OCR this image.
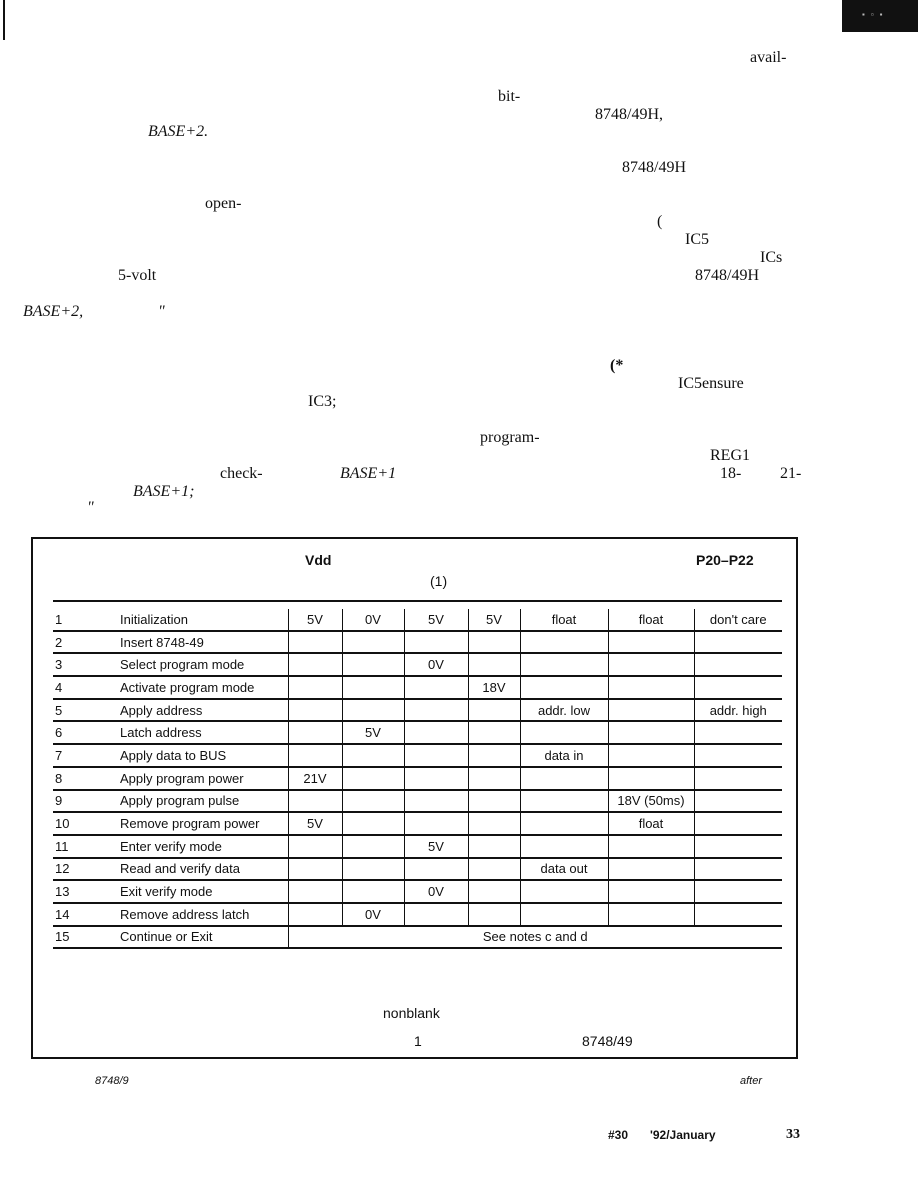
▪ ▫ ▪
avail-
bit-
8748/49H,
BASE+2.
8748/49H
open-
(
IC5
ICs
5-volt	8748/49H
BASE+2,	"
(*
IC5ensure
IC3;
program-
REG1
check-	BASE+1	18- 21-
BASE+1;
"
Vdd	P20–P22
(1)
1	Initialization	5V	0V	5V	5V	float	float	don't care
2	Insert 8748-49							
3	Select program mode			0V				
4	Activate program mode				18V			
5	Apply address					addr. low		addr. high
6	Latch address		5V					
7	Apply data to BUS					data in		
8	Apply program power	21V						
9	Apply program pulse						18V (50ms)	
10	Remove program power	5V					float	
11	Enter verify mode			5V				
12	Read and verify data					data out		
13	Exit verify mode			0V				
14	Remove address latch		0V					
15	Continue or Exit	See notes c and d						
nonblank
1	8748/49
8748/9	after
#30 '92/January	33
